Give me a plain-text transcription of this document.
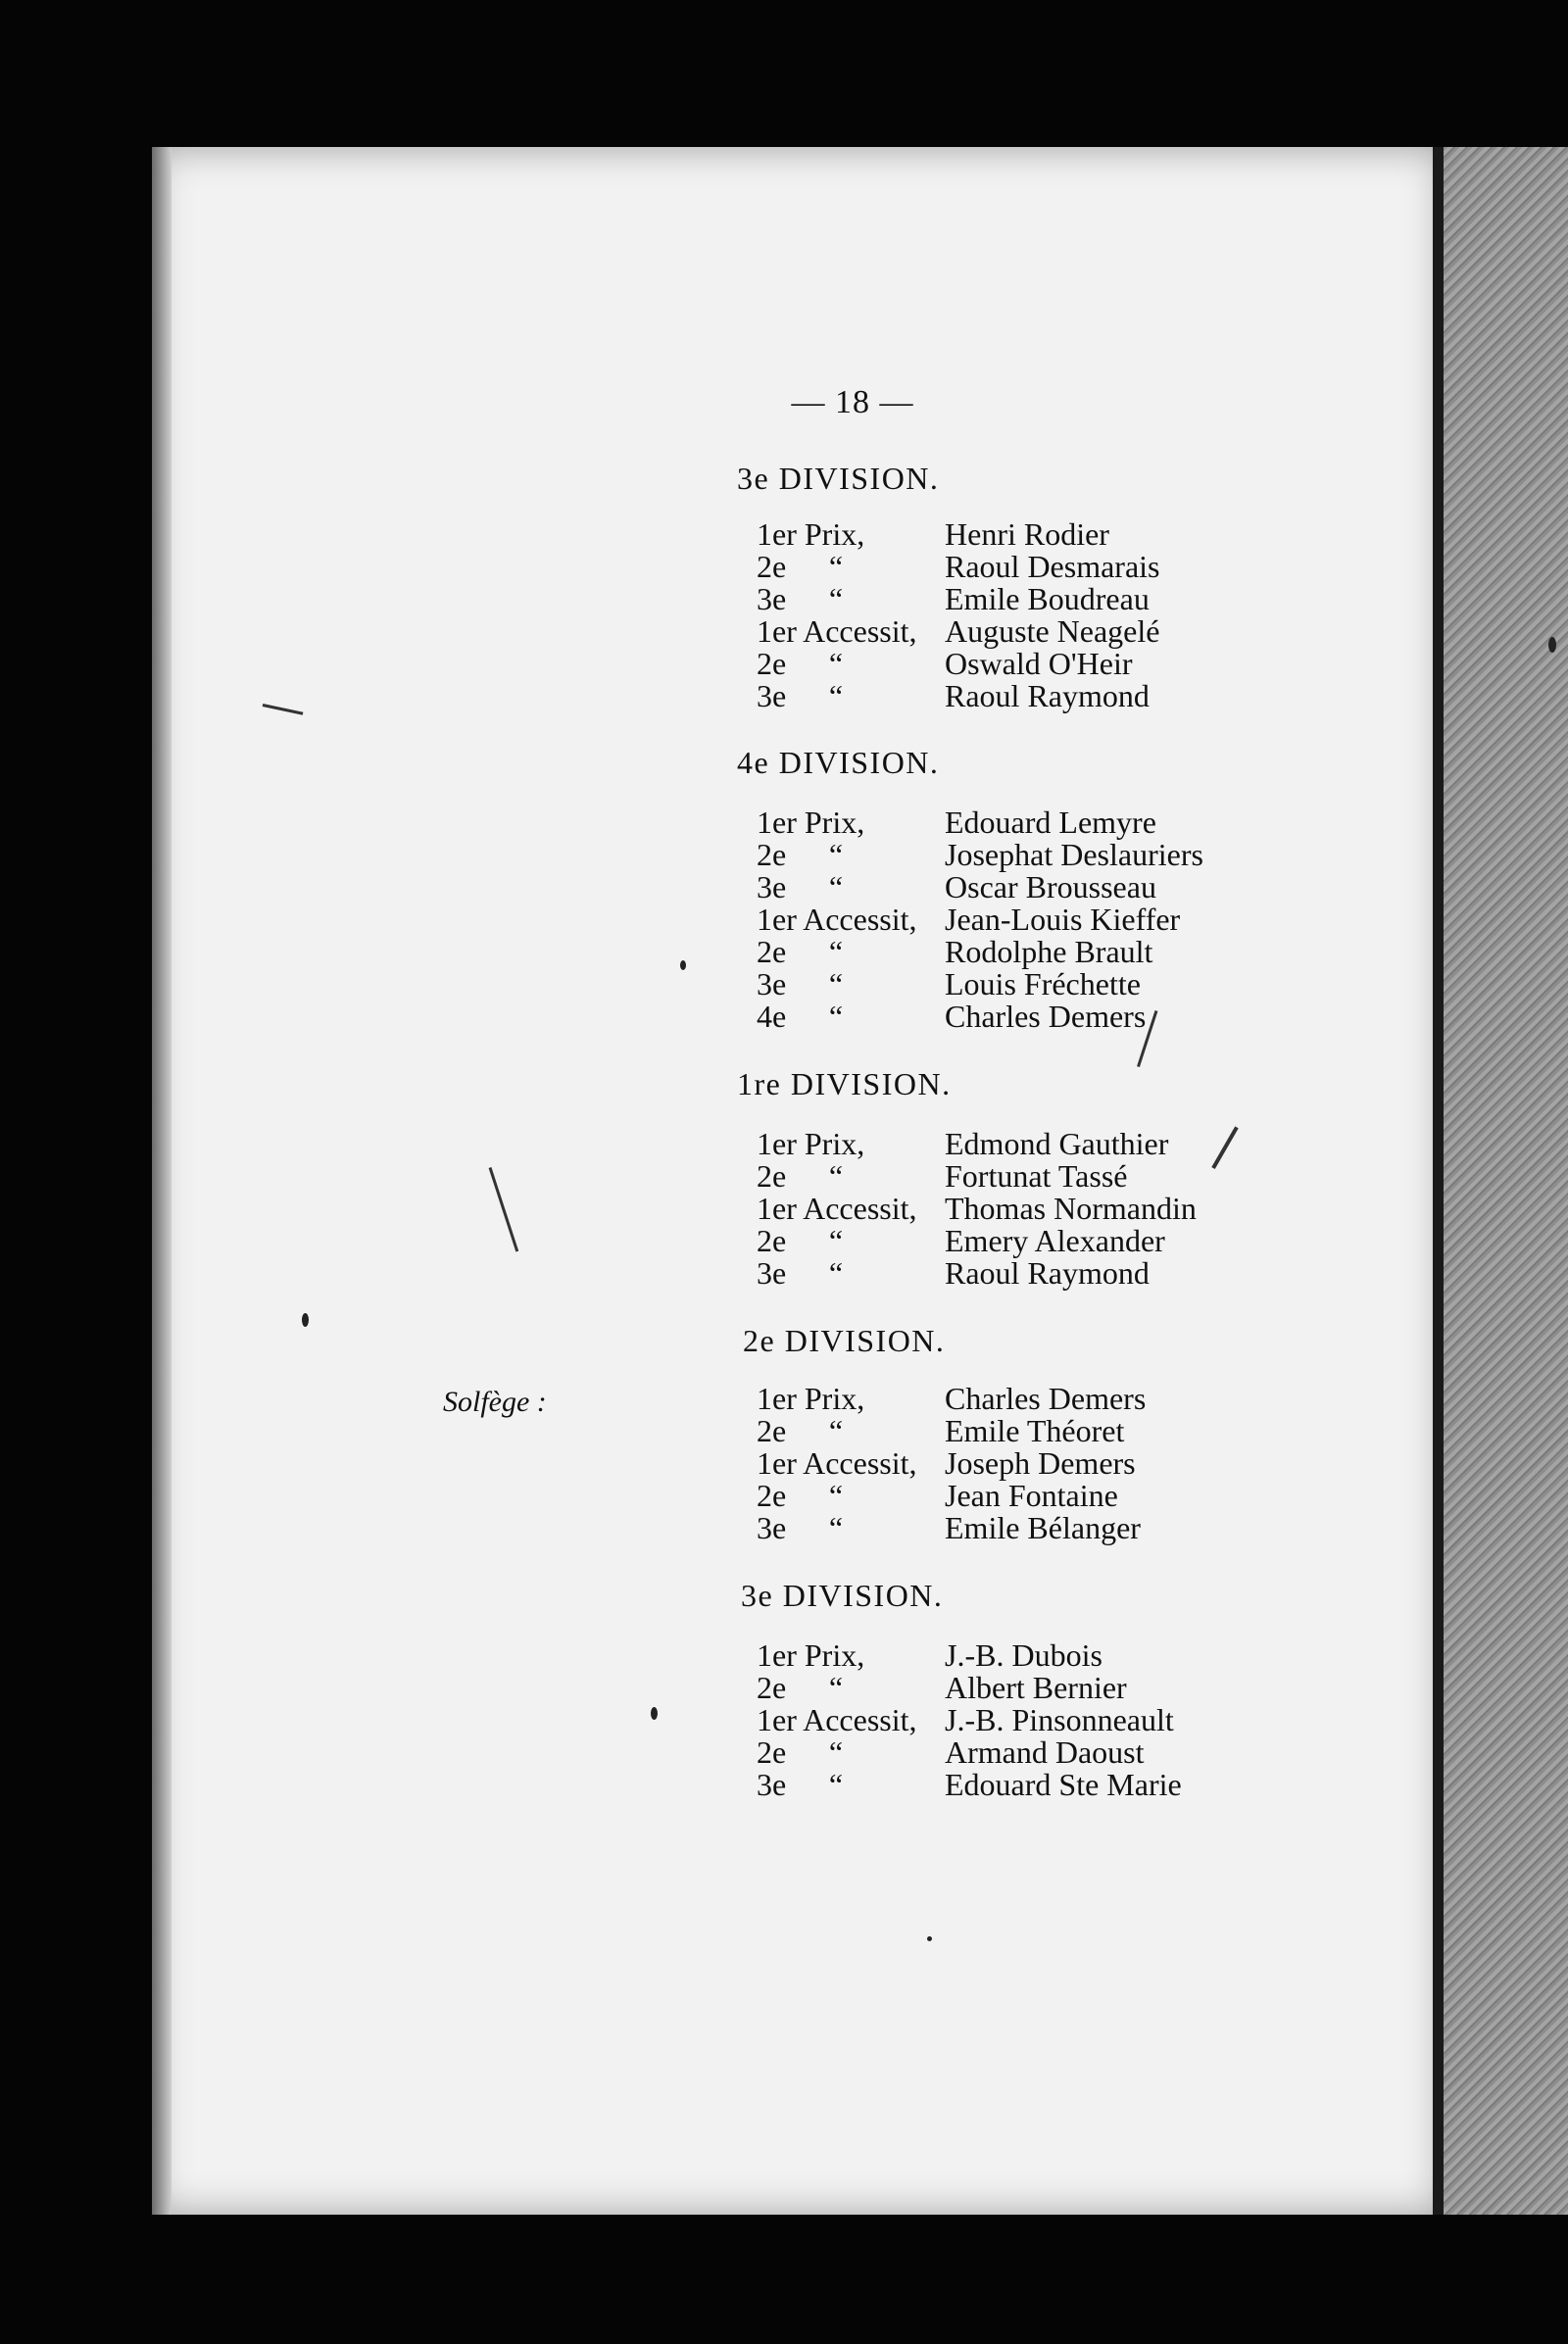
— 18 —
Solfège :
3e DIVISION.
1er Prix,	Henri Rodier
2e “	Raoul Desmarais
3e “	Emile Boudreau
1er Accessit, Auguste Neagelé
2e “	Oswald O'Heir
3e “	Raoul Raymond
4e DIVISION.
1er Prix,	Edouard Lemyre
2e “	Josephat Deslauriers
3e “	Oscar Brousseau
1er Accessit, Jean-Louis Kieffer
2e “	Rodolphe Brault
3e “	Louis Fréchette
4e “	Charles Demers
1re DIVISION.
1er Prix,	Edmond Gauthier
2e “	Fortunat Tassé
1er Accessit, Thomas Normandin
2e “	Emery Alexander
3e “	Raoul Raymond
2e DIVISION.
1er Prix,	Charles Demers
2e “	Emile Théoret
1er Accessit, Joseph Demers
2e “	Jean Fontaine
3e “	Emile Bélanger
3e DIVISION.
1er Prix,	J.-B. Dubois
2e “	Albert Bernier
1er Accessit, J.-B. Pinsonneault
2e “	Armand Daoust
3e “	Edouard Ste Marie
